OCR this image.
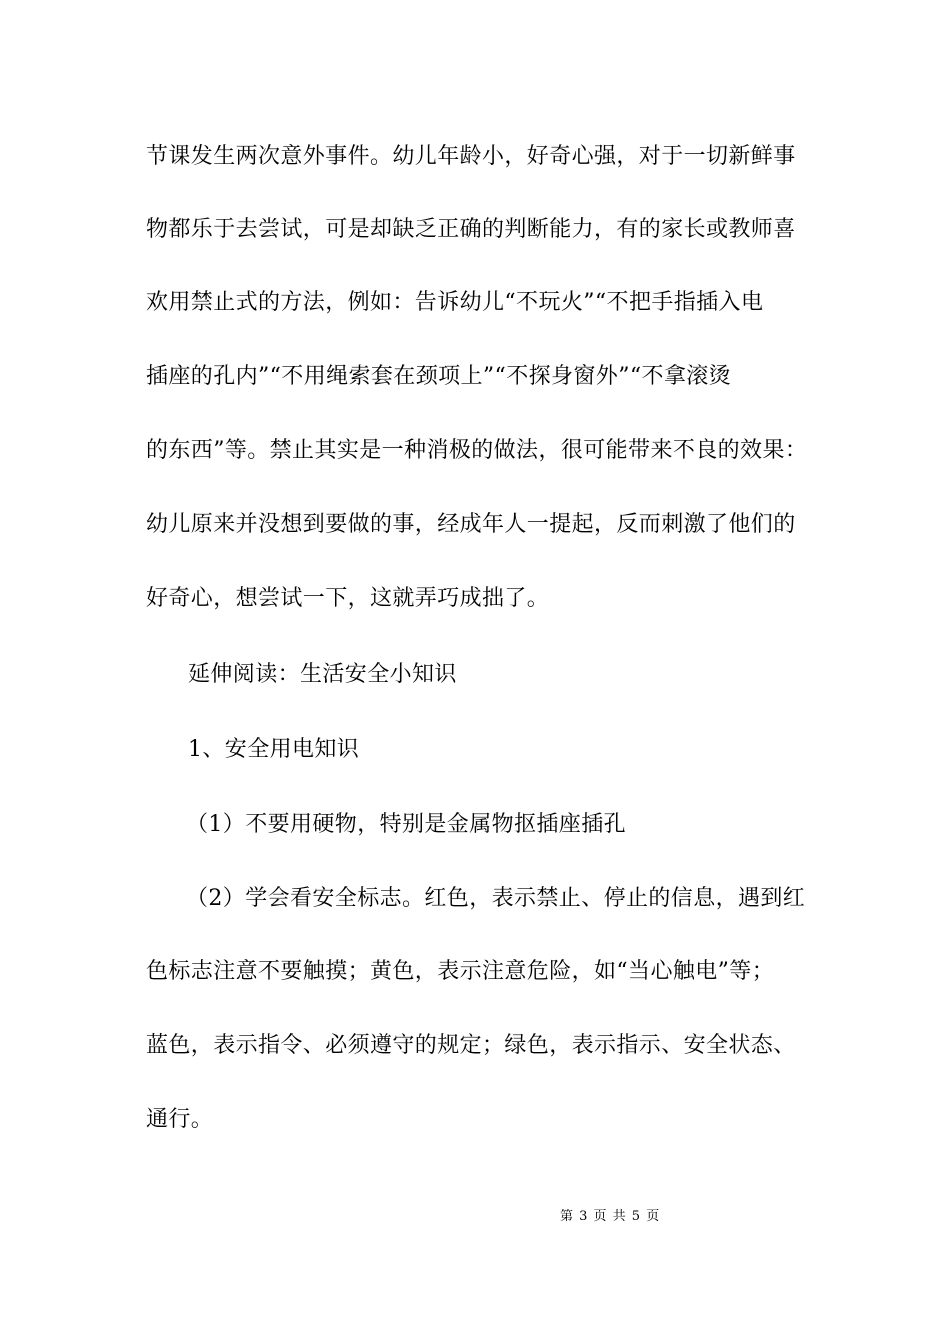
节课发生两次意外事件。幼儿年龄小，好奇心强，对于一切新鲜事
物都乐于去尝试，可是却缺乏正确的判断能力，有的家长或教师喜
欢用禁止式的方法，例如：告诉幼儿“不玩火”“不把手指插入电
插座的孔内”“不用绳索套在颈项上”“不探身窗外”“不拿滚烫
的东西”等。禁止其实是一种消极的做法，很可能带来不良的效果：
幼儿原来并没想到要做的事，经成年人一提起，反而刺激了他们的
好奇心，想尝试一下，这就弄巧成拙了。
延伸阅读：生活安全小知识
1、安全用电知识
（1）不要用硬物，特别是金属物抠插座插孔
（2）学会看安全标志。红色，表示禁止、停止的信息，遇到红
色标志注意不要触摸；黄色，表示注意危险，如“当心触电”等；
蓝色，表示指令、必须遵守的规定；绿色，表示指示、安全状态、
通行。
第 3 页 共 5 页
